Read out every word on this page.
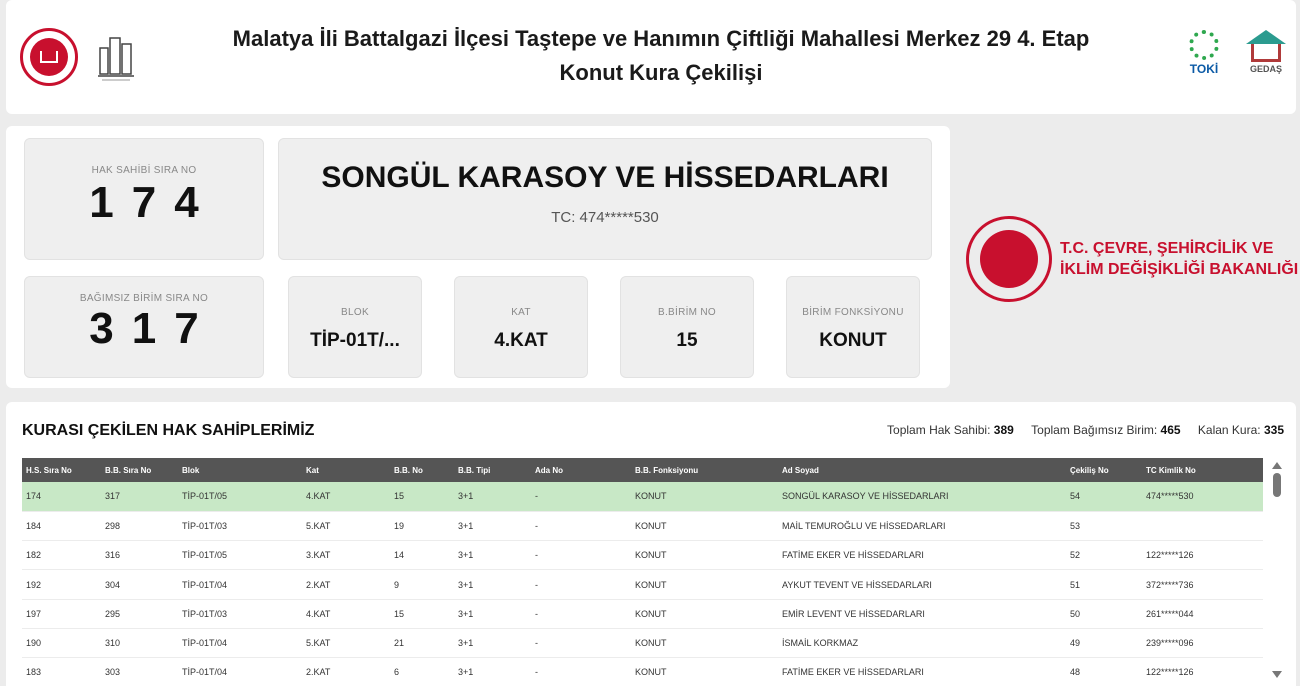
Malatya İli Battalgazi İlçesi Taştepe ve Hanımın Çiftliği Mahallesi Merkez 29 4. Etap
Konut Kura Çekilişi	TOKİ	GEDAŞ
HAK SAHİBİ SIRA NO
174
SONGÜL KARASOY VE HİSSEDARLARI
TC: 474*****530
BAĞIMSIZ BİRİM SIRA NO
317	BLOK
TİP-01T/...
KAT
4.KAT
B.BİRİM NO
15
BİRİM FONKSİYONU
KONUT
T.C. ÇEVRE, ŞEHİRCİLİK VE
İKLİM DEĞİŞİKLİĞİ BAKANLIĞI
KURASI ÇEKİLEN HAK SAHİPLERİMİZ	Toplam Hak Sahibi: 389 Toplam Bağımsız Birim: 465 Kalan Kura: 335
H.S. Sıra No	B.B. Sıra No	Blok	Kat	B.B. No	B.B. Tipi	Ada No	B.B. Fonksiyonu	Ad Soyad	Çekiliş No	TC Kimlik No
174	317	TİP-01T/05	4.KAT	15	3+1	-	KONUT	SONGÜL KARASOY VE HİSSEDARLARI	54	474*****530
184	298	TİP-01T/03	5.KAT	19	3+1	-	KONUT	MAİL TEMUROĞLU VE HİSSEDARLARI	53	
182	316	TİP-01T/05	3.KAT	14	3+1	-	KONUT	FATİME EKER VE HİSSEDARLARI	52	122*****126
192	304	TİP-01T/04	2.KAT	9	3+1	-	KONUT	AYKUT TEVENT VE HİSSEDARLARI	51	372*****736
197	295	TİP-01T/03	4.KAT	15	3+1	-	KONUT	EMİR LEVENT VE HİSSEDARLARI	50	261*****044
190	310	TİP-01T/04	5.KAT	21	3+1	-	KONUT	İSMAİL KORKMAZ	49	239*****096
183	303	TİP-01T/04	2.KAT	6	3+1	-	KONUT	FATİME EKER VE HİSSEDARLARI	48	122*****126
